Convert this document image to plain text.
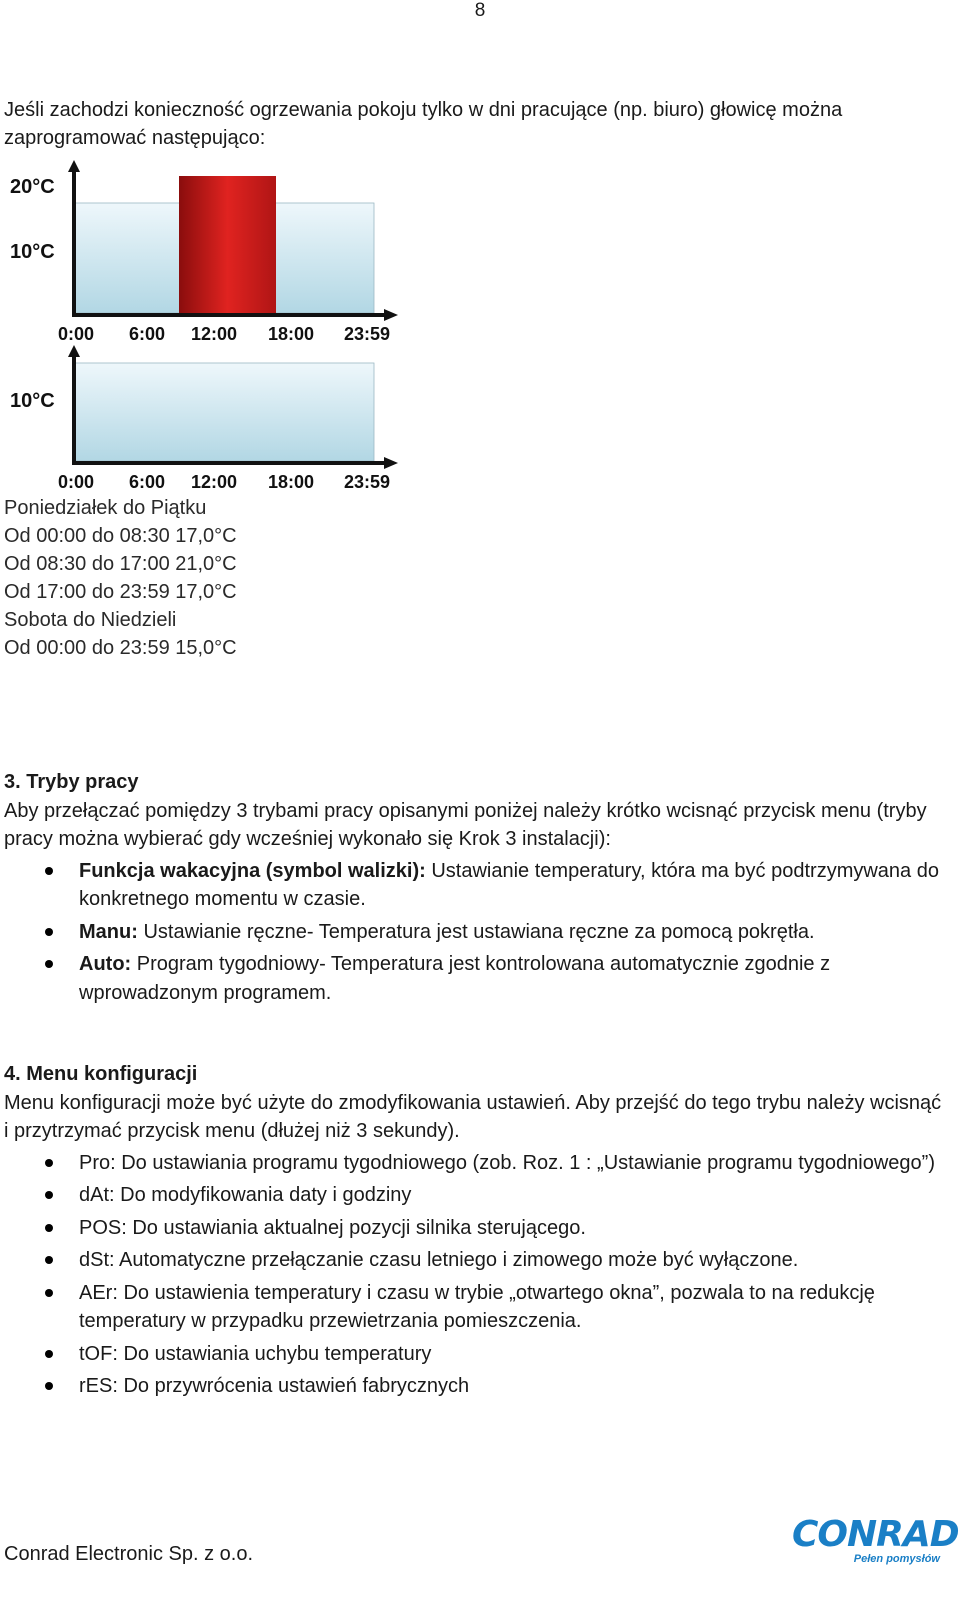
8

Jeśli zachodzi konieczność ogrzewania pokoju tylko w dni pracujące (np. biuro) głowicę można zaprogramować następująco:

20°C
10°C
0:00 6:00 12:00 18:00 23:59
10°C
0:00 6:00 12:00 18:00 23:59
Poniedziałek do Piątku
Od 00:00 do 08:30 17,0°C
Od 08:30 do 17:00 21,0°C
Od 17:00 do 23:59 17,0°C
Sobota do Niedzieli
Od 00:00 do 23:59 15,0°C
3. Tryby pracy

Aby przełączać pomiędzy 3 trybami pracy opisanymi poniżej należy krótko wcisnąć przycisk menu (tryby pracy można wybierać gdy wcześniej wykonało się Krok 3 instalacji):

Funkcja wakacyjna (symbol walizki): Ustawianie temperatury, która ma być podtrzymywana do konkretnego momentu w czasie.
Manu: Ustawianie ręczne- Temperatura jest ustawiana ręczne za pomocą pokrętła.
Auto: Program tygodniowy- Temperatura jest kontrolowana automatycznie zgodnie z wprowadzonym programem.
4. Menu konfiguracji

Menu konfiguracji może być użyte do zmodyfikowania ustawień. Aby przejść do tego trybu należy wcisnąć i przytrzymać przycisk menu (dłużej niż 3 sekundy).

Pro: Do ustawiania programu tygodniowego (zob. Roz. 1 : „Ustawianie programu tygodniowego”)
dAt: Do modyfikowania daty i godziny
POS: Do ustawiania aktualnej pozycji silnika sterującego.
dSt: Automatyczne przełączanie czasu letniego i zimowego może być wyłączone.
AEr: Do ustawienia temperatury i czasu w trybie „otwartego okna”, pozwala to na redukcję temperatury w przypadku przewietrzania pomieszczenia.
tOF: Do ustawiania uchybu temperatury
rES: Do przywrócenia ustawień fabrycznych
Conrad Electronic Sp. z o.o.	CONRAD
Pełen pomysłów
